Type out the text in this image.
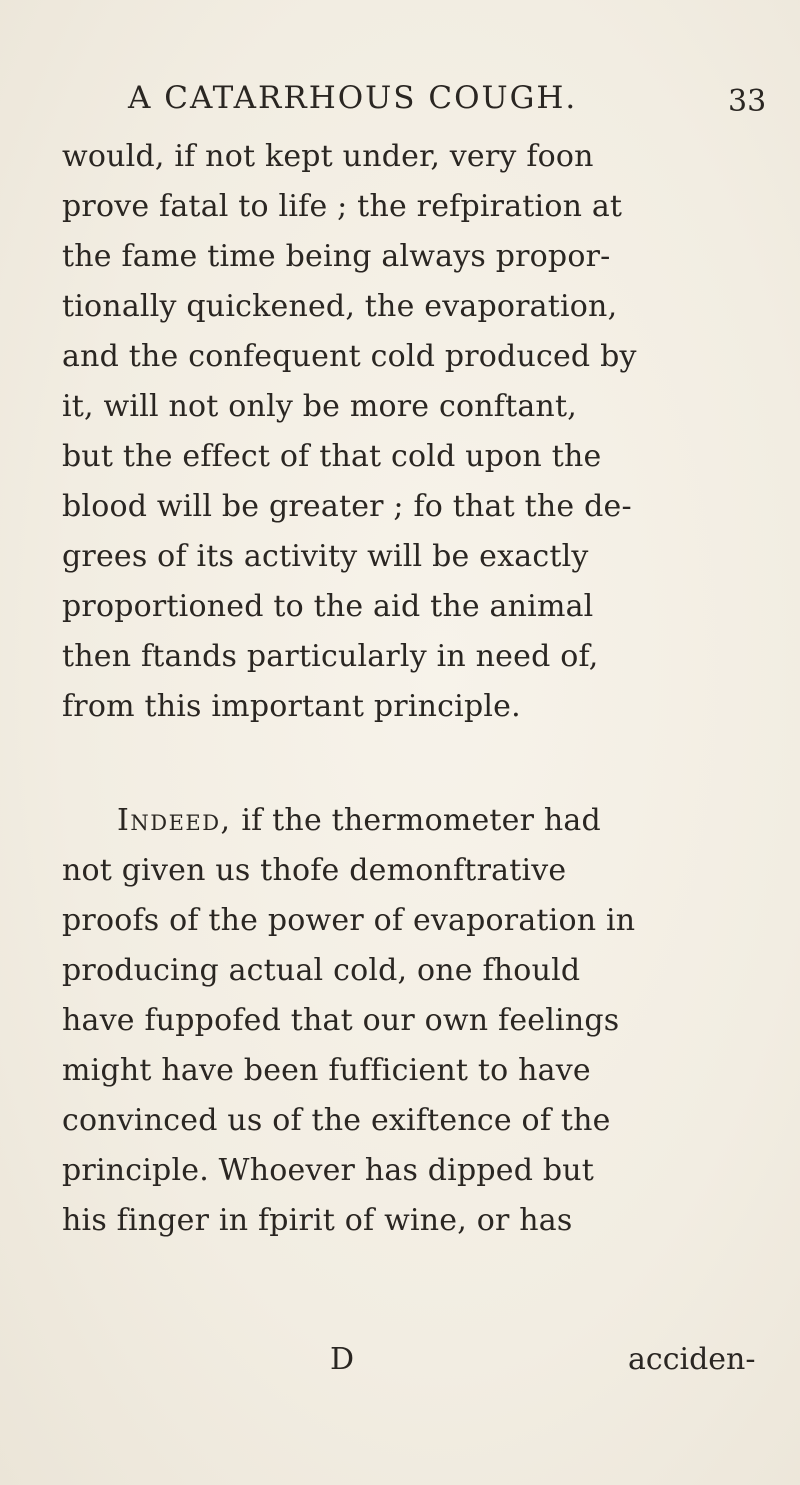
A CATARRHOUS COUGH.	33
would, if not kept under, very foon
prove fatal to life ; the refpiration at
the fame time being always propor-
tionally quickened, the evaporation,
and the confequent cold produced by
it, will not only be more conftant,
but the effect of that cold upon the
blood will be greater ; fo that the de-
grees of its activity will be exactly
proportioned to the aid the animal
then ftands particularly in need of,
from this important principle.
Indeed, if the thermometer had
not given us thofe demonftrative
proofs of the power of evaporation in
producing actual cold, one fhould
have fuppofed that our own feelings
might have been fufficient to have
convinced us of the exiftence of the
principle. Whoever has dipped but
his finger in fpirit of wine, or has
D	acciden-
